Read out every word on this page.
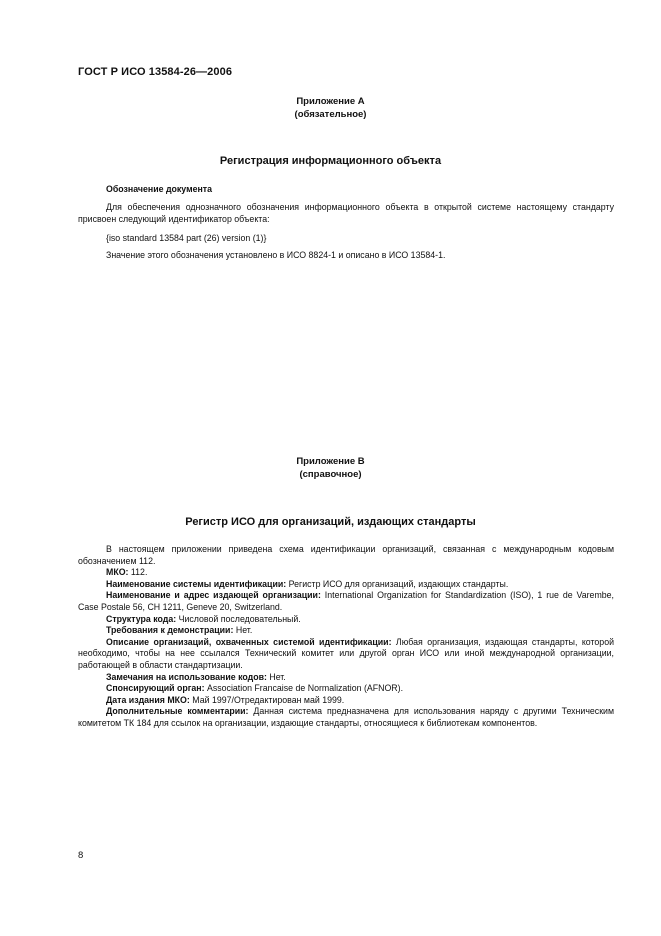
ГОСТ Р ИСО 13584-26—2006
Приложение А
(обязательное)
Регистрация информационного объекта
Обозначение документа
Для обеспечения однозначного обозначения информационного объекта в открытой системе настоящему стандарту присвоен следующий идентификатор объекта:
{iso standard 13584 part (26) version (1)}
Значение этого обозначения установлено в ИСО 8824-1 и описано в ИСО 13584-1.
Приложение В
(справочное)
Регистр ИСО для организаций, издающих стандарты
В настоящем приложении приведена схема идентификации организаций, связанная с международным кодовым обозначением 112.
МКО: 112.
Наименование системы идентификации: Регистр ИСО для организаций, издающих стандарты.
Наименование и адрес издающей организации: International Organization for Standardization (ISO), 1 rue de Varembe, Case Postale 56, CH 1211, Geneve 20, Switzerland.
Структура кода: Числовой последовательный.
Требования к демонстрации: Нет.
Описание организаций, охваченных системой идентификации: Любая организация, издающая стандарты, которой необходимо, чтобы на нее ссылался Технический комитет или другой орган ИСО или иной международной организации, работающей в области стандартизации.
Замечания на использование кодов: Нет.
Спонсирующий орган: Association Francaise de Normalization (AFNOR).
Дата издания МКО: Май 1997/Отредактирован май 1999.
Дополнительные комментарии: Данная система предназначена для использования наряду с другими Техническим комитетом ТК 184 для ссылок на организации, издающие стандарты, относящиеся к библиотекам компонентов.
8
